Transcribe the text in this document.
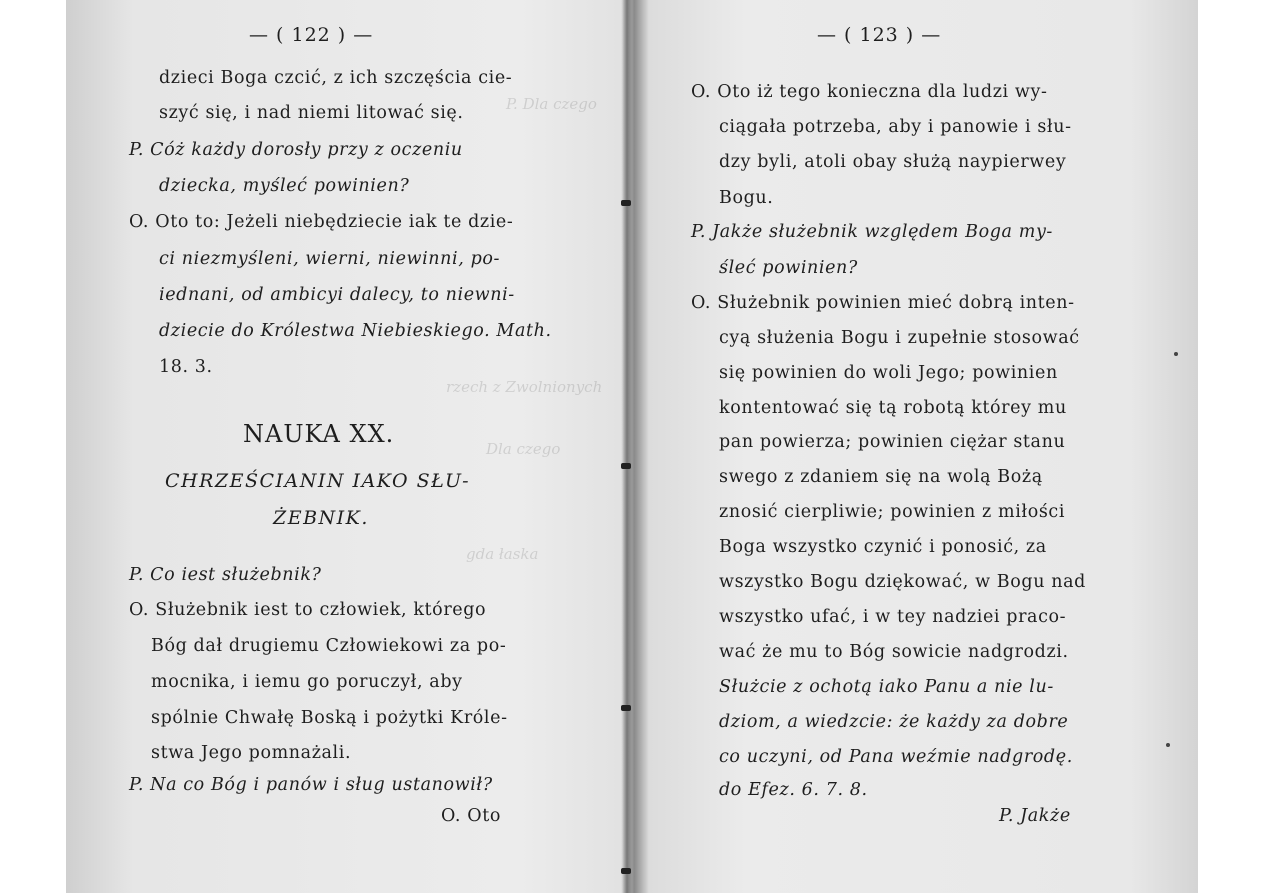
P. Dla czego
rzech z Zwolnionych
Dla czego
gda łaska
— ( 122 ) —
dzieci Boga czcić, z ich szczęścia cie-
szyć się, i nad niemi litować się.
P. Cóż każdy dorosły przy z oczeniu
dziecka, myśleć powinien?
O. Oto to: Jeżeli niebędziecie iak te dzie-
ci niezmyśleni, wierni, niewinni, po-
iednani, od ambicyi dalecy, to niewni-
dziecie do Królestwa Niebieskiego. Math.
18. 3.
NAUKA XX.
CHRZEŚCIANIN IAKO SŁU-
ŻEBNIK.
P. Co iest służebnik?
O. Służebnik iest to człowiek, którego
Bóg dał drugiemu Człowiekowi za po-
mocnika, i iemu go poruczył, aby
spólnie Chwałę Boską i pożytki Króle-
stwa Jego pomnażali.
P. Na co Bóg i panów i sług ustanowił?
O. Oto
— ( 123 ) —
O. Oto iż tego konieczna dla ludzi wy-
ciągała potrzeba, aby i panowie i słu-
dzy byli, atoli obay służą naypierwey
Bogu.
P. Jakże służebnik względem Boga my-
śleć powinien?
O. Służebnik powinien mieć dobrą inten-
cyą służenia Bogu i zupełnie stosować
się powinien do woli Jego; powinien
kontentować się tą robotą którey mu
pan powierza; powinien ciężar stanu
swego z zdaniem się na wolą Bożą
znosić cierpliwie; powinien z miłości
Boga wszystko czynić i ponosić, za
wszystko Bogu dziękować, w Bogu nad
wszystko ufać, i w tey nadziei praco-
wać że mu to Bóg sowicie nadgrodzi.
Służcie z ochotą iako Panu a nie lu-
dziom, a wiedzcie: że każdy za dobre
co uczyni, od Pana weźmie nadgrodę.
do Efez. 6. 7. 8.
P. Jakże
